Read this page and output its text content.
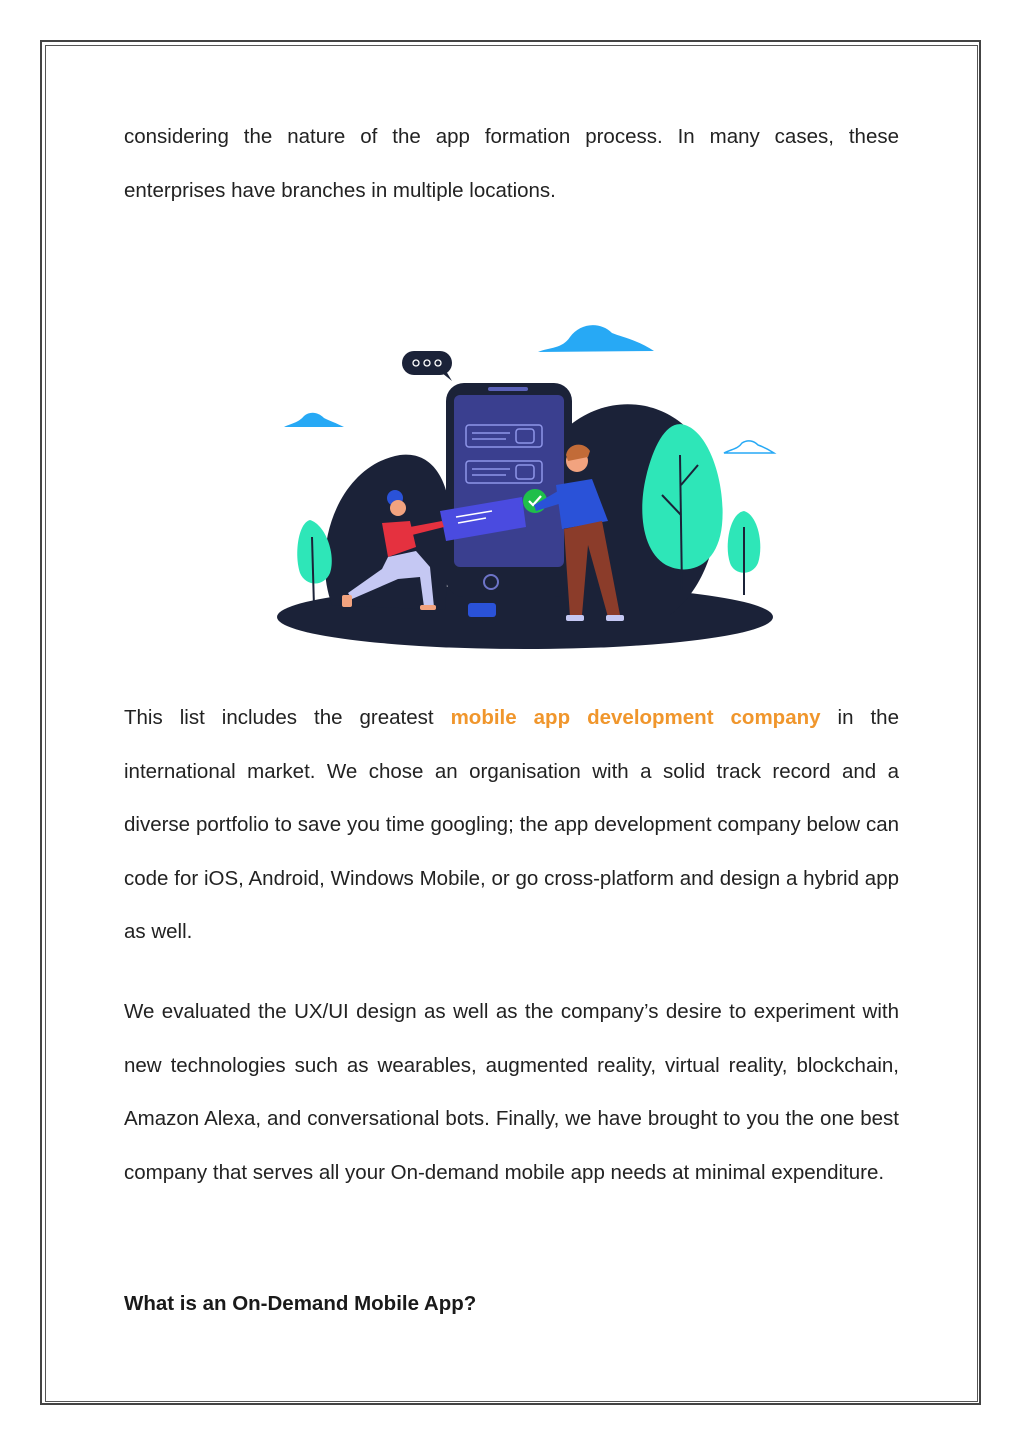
considering the nature of the app formation process. In many cases, these enterprises have branches in multiple locations.

This list includes the greatest mobile app development company in the international market. We chose an organisation with a solid track record and a diverse portfolio to save you time googling; the app development company below can code for iOS, Android, Windows Mobile, or go cross-platform and design a hybrid app as well.

We evaluated the UX/UI design as well as the company’s desire to experiment with new technologies such as wearables, augmented reality, virtual reality, blockchain, Amazon Alexa, and conversational bots. Finally, we have brought to you the one best company that serves all your On-demand mobile app needs at minimal expenditure.

What is an On-Demand Mobile App?
